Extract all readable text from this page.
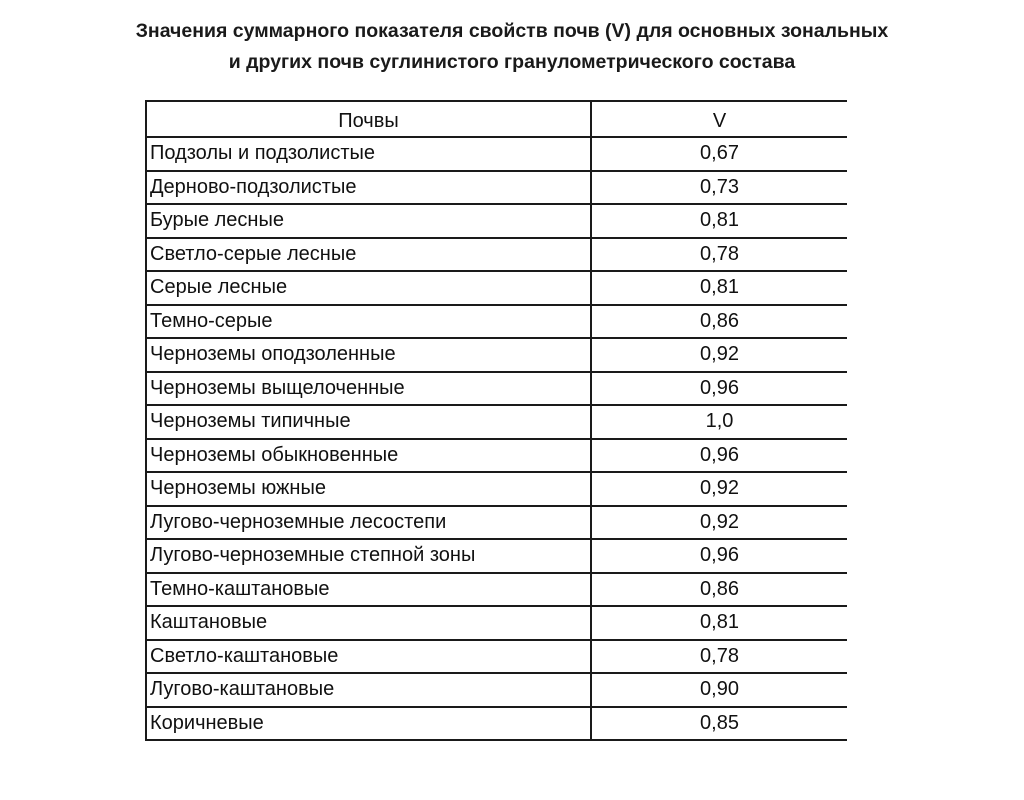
Значения суммарного показателя свойств почв (V) для основных зональных
и других почв суглинистого гранулометрического состава
Почвы	V
Подзолы и подзолистые	0,67
Дерново-подзолистые	0,73
Бурые лесные	0,81
Светло-серые лесные	0,78
Серые лесные	0,81
Темно-серые	0,86
Черноземы оподзоленные	0,92
Черноземы выщелоченные	0,96
Черноземы типичные	1,0
Черноземы обыкновенные	0,96
Черноземы южные	0,92
Лугово-черноземные лесостепи	0,92
Лугово-черноземные степной зоны	0,96
Темно-каштановые	0,86
Каштановые	0,81
Светло-каштановые	0,78
Лугово-каштановые	0,90
Коричневые	0,85
